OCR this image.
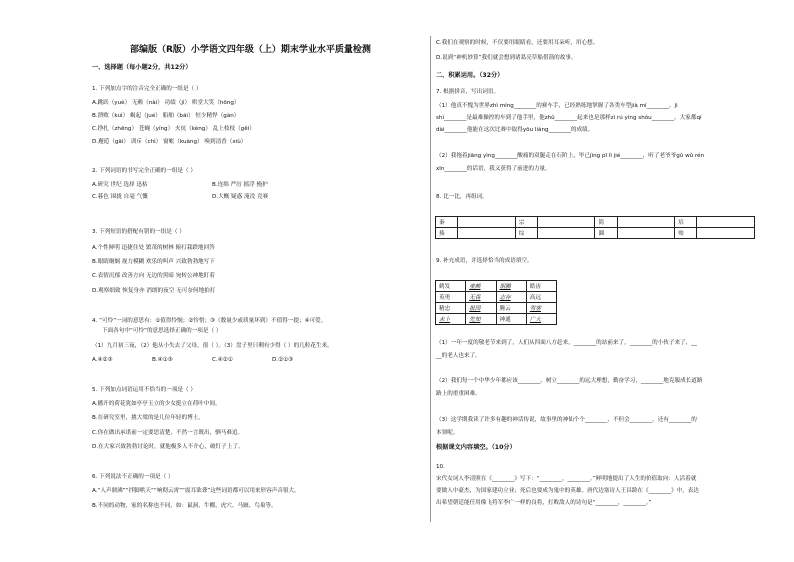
部编版（R版）小学语文四年级（上）期末学业水平质量检测
一、选择题（每小题2分，共12分）
1. 下列加点字的注音完全正确的一组是（ ）
A.跳跃（yuè） 无赖（nài） 功绩（jì） 哄堂大笑（hōng）
B.溃败（kuì） 蝎起（jué） 船舶（bái） 恒少精悍（gàn）
C.挣扎（zhēng） 苍蝇（yíng） 火炕（kèng） 乱上枝枝（gěi）
D.邂逅（gāi） 训斥（chì） 窗帐（kuàng） 嗅到清香（xiù）
2. 下列词语的书写完全正确的一组是（ ）
A.研究 世纪 选择 迅枯	B.连绵 严厉 摇浮 掩护
C.暮色 围拢 自毫 气慨	D.大概 疑惑 淹没 竞赛
3. 下列短语的搭配有错的一组是（ ）
A.个性鲜明 迅捷住处 繁茂的树林 俯打栽跌地回答
B.眼睛炯炯 视力模糊 欢乐的叫声 兴致勃勃地写下
C.表情沉郁 改善方向 无边的黑暗 宛转公神地盯着
D.观察细致 恢复身亦 消朗的夜空 无可奈何地拍打
4. “可怜”一词的意思有：①值得怜悯；②怜惜；③（数量少或质量坏到）不值得一提；④可爱。
下面各句中“可怜”的意思选择正确的一项是（ ）
（1）九月初三夜，（2）他从小失去了父母，很（ ）。（3）盘子里只剩有少得（ ）的几粒花生米。
A.④②③	B.④①③	C.④②①	D.②①③
5. 下列加点词语运用不恰当的一项是（ ）
A.播开的荷花犹如亭亭玉立的少女挺立在荷叶中间。
B.在研究室里，挑大梁的是几位年轻的博士。
C.你在做出承诺前一定要思清楚，不然一言既出，驷马难追。
D.在大家兴致勃勃讨论时，就他极多人不介心，破钉子上了。
6. 下列说法不正确的一项是（ ）
A.“人声鼎沸”“拌脚哄天”“响彻云霄”“震耳欲聋”这些词语都可以用来形容声音很大。
B.不同的动物，家的名称也不同，如：鼠洞、牛棚、虎穴、马厩、鸟巢等。
C.我们在观察的时候，不仅要用眼睛看，还要用耳朵听，用心想。
D.说到“神机妙算”我们就会想到诸葛亮草船借箭的故事。
二、积累运用。（32分）
7. 根据拼音，写出词语。
（1）他真不愧为世界zhì míng________的赛车手，已经熟练地掌握了各类车型jià mí________。jì
shì________是最难操控的车到了他手里，他zhǔ________起来也是那样zì rú yíng shǒu________。大家都qí
dài________他能在这次比赛中取得yōu liáng________的成绩。
（2）我拖着jiāng yìng________酸痛的双腿走在石阶上，毕已jìng pī lì jié________，听了老爷爷gǔ wǔ rén
xīn________的话语，我又获得了前进的力量。
8. 比一比，再组词。
秦		宗		简		培	
揍		综		圜		赔	
9. 补充成语，并选择恰当的成语填空。
鹤发	童颜	朋鹏	皓齿
英勇	无畏	志存	高远
精忠	报国	腾云	驾雾
未卜	先知	神通	广大
（1）一年一度的敬老节来到了，人们从四面八方赶来，________的站前来了，________的小伙子来了，__
__的老人也来了。
（2）我们每一个中华少年都应该________，树立________的远大理想，勤奋学习，________地克服成长道路
路上的重重困难。
（3）这学期我读了许多有趣的神话传说，故事里的神仙个个________，不但会________，还有________的
本领呢。
根据课文内容填空。（10分）
10.
宋代女词人李清照在《________》写下：“________，________。”鲜明地提出了人生的价值取向：人活着就
要做人中豪杰，为国家建功立业；死后也要成为鬼中的英雄。唐代边塞诗人王昌龄在《________》中，表达
出希望朝廷能任用像飞将军李广一样的良将，打败敌人的诗句是“________，________。”
